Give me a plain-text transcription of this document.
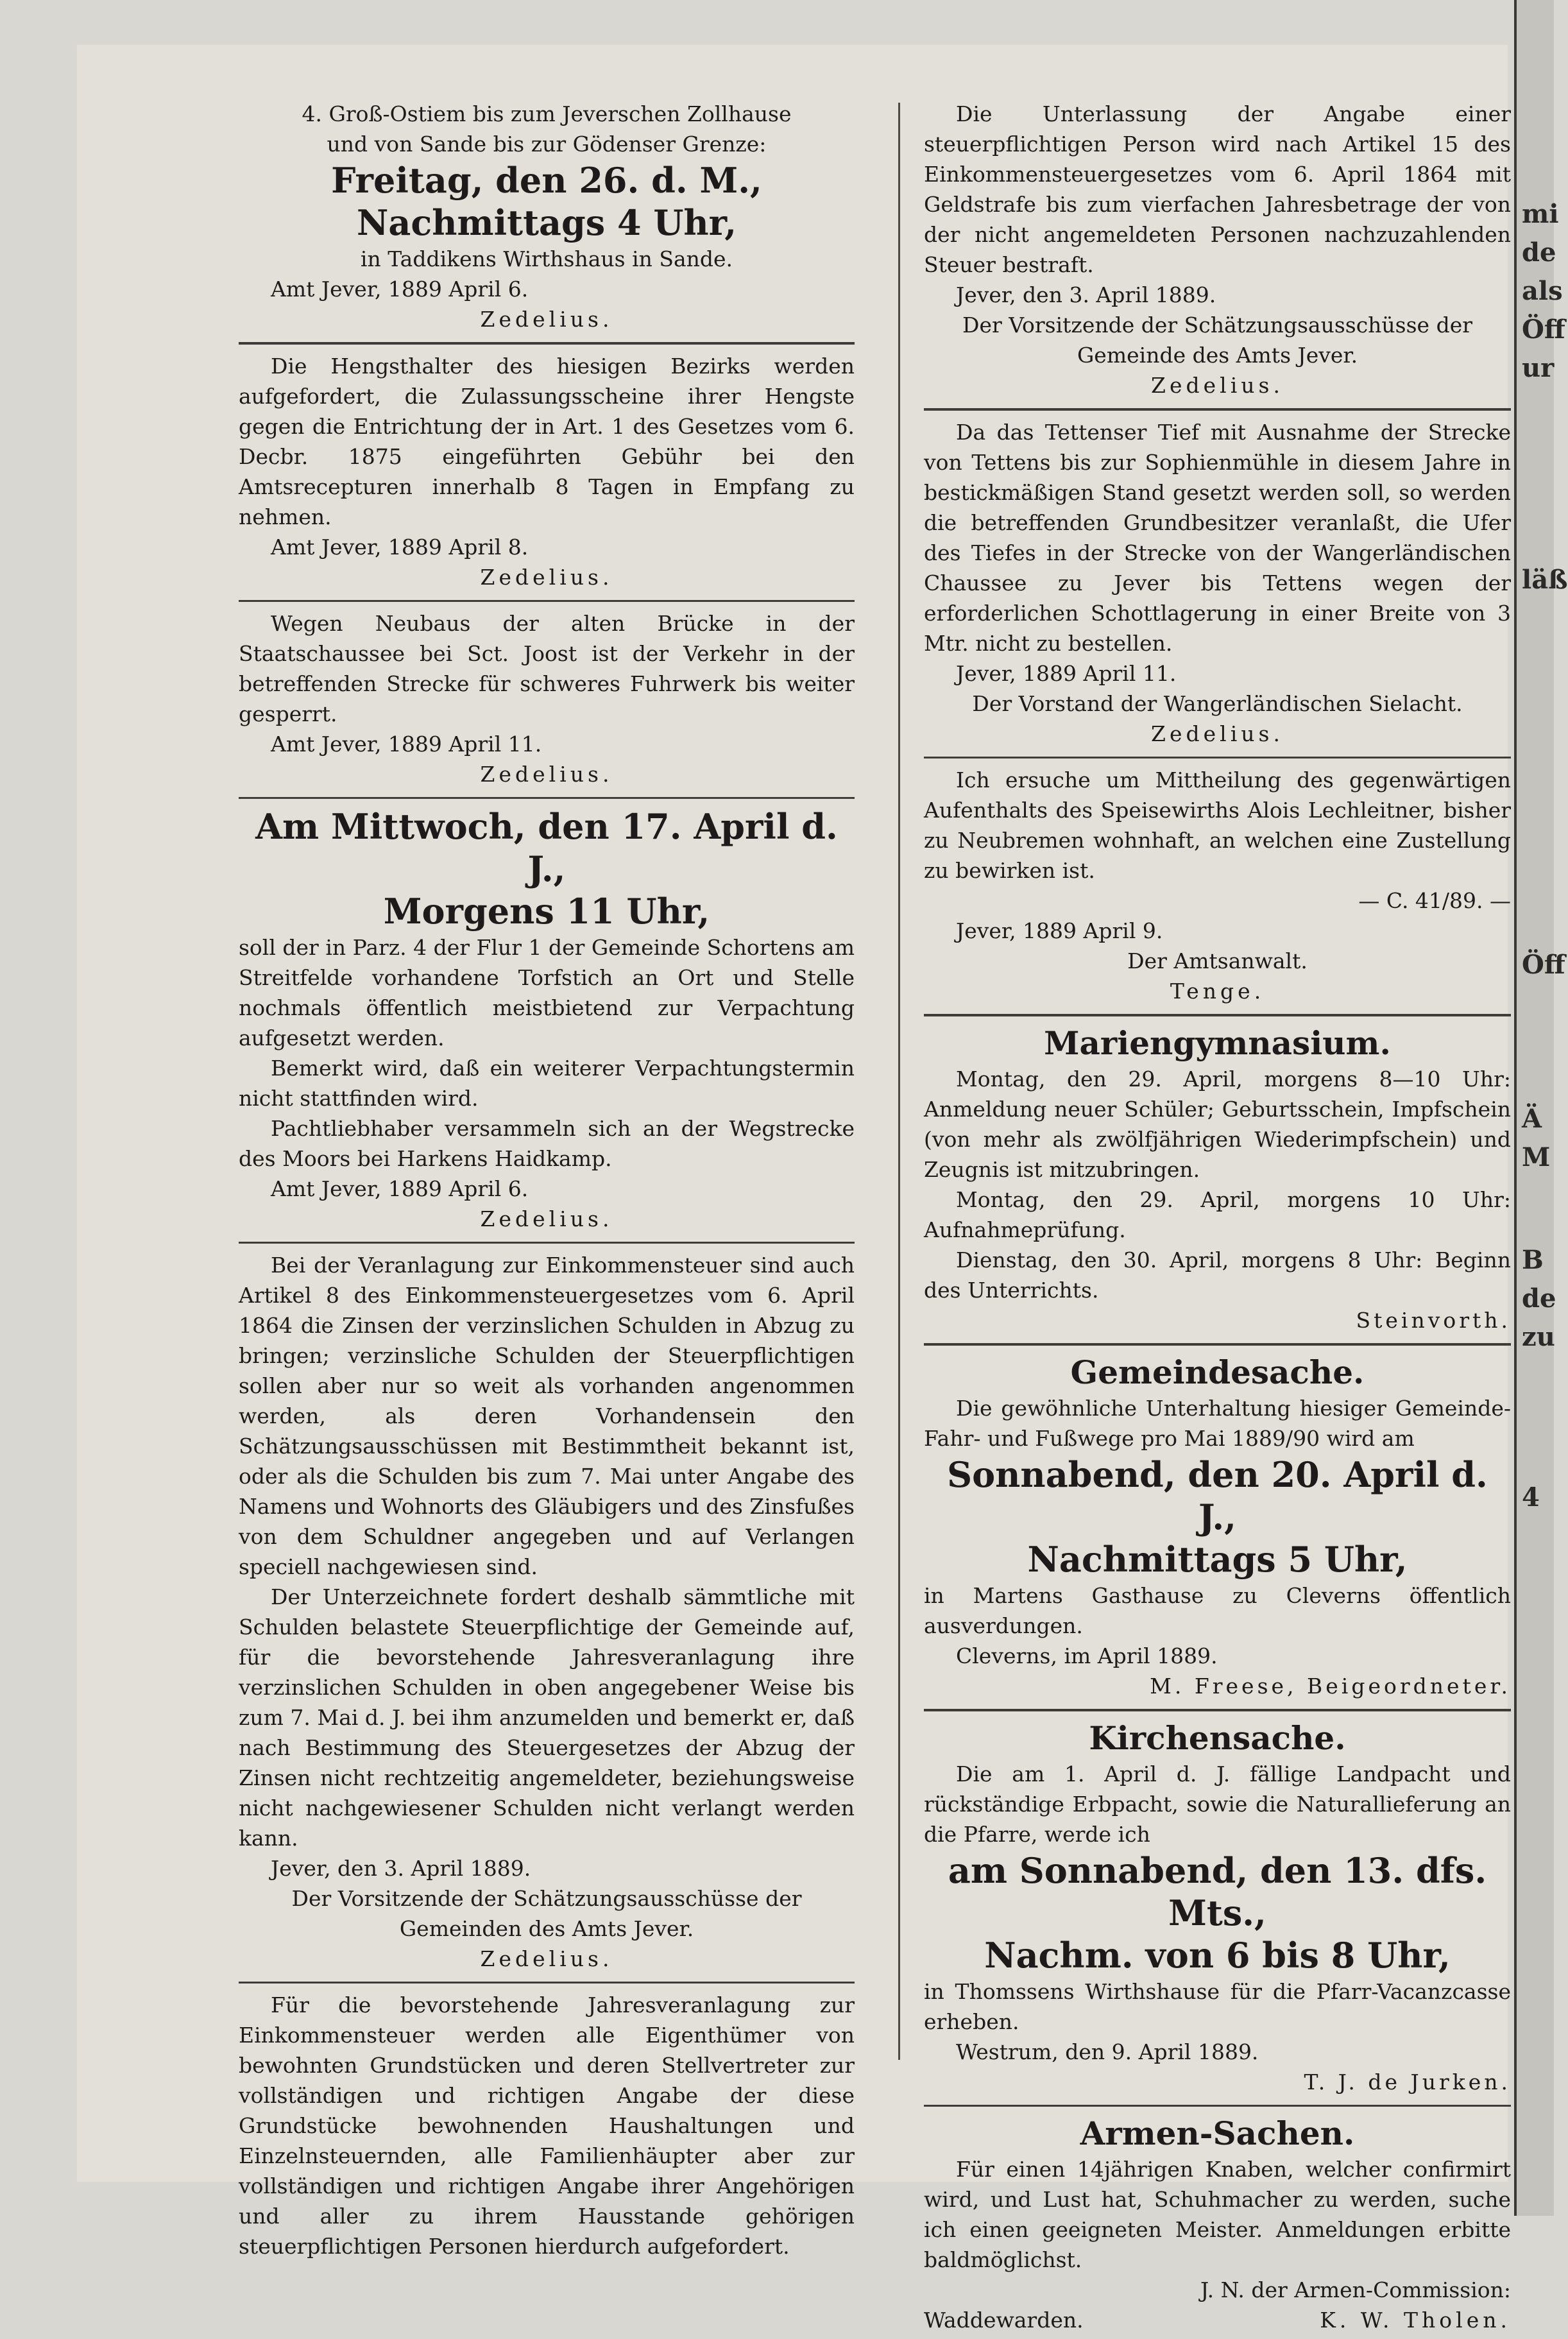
mi
de
als
Öff
ur
läß
Öff
Ä
M
B
de
zu
4

4. Groß-Ostiem bis zum Jeverschen Zollhause

und von Sande bis zur Gödenser Grenze:

Freitag, den 26. d. M.,
Nachmittags 4 Uhr,

in Taddikens Wirthshaus in Sande.

Amt Jever, 1889 April 6.

Zedelius.

Die Hengsthalter des hiesigen Bezirks werden aufgefordert, die Zulassungsscheine ihrer Hengste gegen die Entrichtung der in Art. 1 des Gesetzes vom 6. Decbr. 1875 eingeführten Gebühr bei den Amtsrecepturen innerhalb 8 Tagen in Empfang zu nehmen.

Amt Jever, 1889 April 8.

Zedelius.

Wegen Neubaus der alten Brücke in der Staatschaussee bei Sct. Joost ist der Verkehr in der betreffenden Strecke für schweres Fuhrwerk bis weiter gesperrt.

Amt Jever, 1889 April 11.

Zedelius.

Am Mittwoch, den 17. April d. J.,
Morgens 11 Uhr,

soll der in Parz. 4 der Flur 1 der Gemeinde Schortens am Streitfelde vorhandene Torfstich an Ort und Stelle nochmals öffentlich meistbietend zur Verpachtung aufgesetzt werden.

Bemerkt wird, daß ein weiterer Verpachtungstermin nicht stattfinden wird.

Pachtliebhaber versammeln sich an der Wegstrecke des Moors bei Harkens Haidkamp.

Amt Jever, 1889 April 6.

Zedelius.

Bei der Veranlagung zur Einkommensteuer sind auch Artikel 8 des Einkommensteuergesetzes vom 6. April 1864 die Zinsen der verzinslichen Schulden in Abzug zu bringen; verzinsliche Schulden der Steuerpflichtigen sollen aber nur so weit als vorhanden angenommen werden, als deren Vorhandensein den Schätzungsausschüssen mit Bestimmtheit bekannt ist, oder als die Schulden bis zum 7. Mai unter Angabe des Namens und Wohnorts des Gläubigers und des Zinsfußes von dem Schuldner angegeben und auf Verlangen speciell nachgewiesen sind.

Der Unterzeichnete fordert deshalb sämmtliche mit Schulden belastete Steuerpflichtige der Gemeinde auf, für die bevorstehende Jahresveranlagung ihre verzinslichen Schulden in oben angegebener Weise bis zum 7. Mai d. J. bei ihm anzumelden und bemerkt er, daß nach Bestimmung des Steuergesetzes der Abzug der Zinsen nicht rechtzeitig angemeldeter, beziehungsweise nicht nachgewiesener Schulden nicht verlangt werden kann.

Jever, den 3. April 1889.

Der Vorsitzende der Schätzungsausschüsse der

Gemeinden des Amts Jever.

Zedelius.

Für die bevorstehende Jahresveranlagung zur Einkommensteuer werden alle Eigenthümer von bewohnten Grundstücken und deren Stellvertreter zur vollständigen und richtigen Angabe der diese Grundstücke bewohnenden Haushaltungen und Einzelnsteuernden, alle Familienhäupter aber zur vollständigen und richtigen Angabe ihrer Angehörigen und aller zu ihrem Hausstande gehörigen steuerpflichtigen Personen hierdurch aufgefordert.

Die Unterlassung der Angabe einer steuerpflichtigen Person wird nach Artikel 15 des Einkommensteuergesetzes vom 6. April 1864 mit Geldstrafe bis zum vierfachen Jahresbetrage der von der nicht angemeldeten Personen nachzuzahlenden Steuer bestraft.

Jever, den 3. April 1889.

Der Vorsitzende der Schätzungsausschüsse der

Gemeinde des Amts Jever.

Zedelius.

Da das Tettenser Tief mit Ausnahme der Strecke von Tettens bis zur Sophienmühle in diesem Jahre in bestickmäßigen Stand gesetzt werden soll, so werden die betreffenden Grundbesitzer veranlaßt, die Ufer des Tiefes in der Strecke von der Wangerländischen Chaussee zu Jever bis Tettens wegen der erforderlichen Schottlagerung in einer Breite von 3 Mtr. nicht zu bestellen.

Jever, 1889 April 11.

Der Vorstand der Wangerländischen Sielacht.

Zedelius.

Ich ersuche um Mittheilung des gegenwärtigen Aufenthalts des Speisewirths Alois Lechleitner, bisher zu Neubremen wohnhaft, an welchen eine Zustellung zu bewirken ist.

— C. 41/89. —

Jever, 1889 April 9.

Der Amtsanwalt.

Tenge.

Mariengymnasium.

Montag, den 29. April, morgens 8—10 Uhr: Anmeldung neuer Schüler; Geburtsschein, Impfschein (von mehr als zwölfjährigen Wiederimpfschein) und Zeugnis ist mitzubringen.

Montag, den 29. April, morgens 10 Uhr: Aufnahmeprüfung.

Dienstag, den 30. April, morgens 8 Uhr: Beginn des Unterrichts.

Steinvorth.

Gemeindesache.

Die gewöhnliche Unterhaltung hiesiger Gemeinde-Fahr- und Fußwege pro Mai 1889/90 wird am

Sonnabend, den 20. April d. J.,
Nachmittags 5 Uhr,

in Martens Gasthause zu Cleverns öffentlich ausverdungen.

Cleverns, im April 1889.

M. Freese, Beigeordneter.

Kirchensache.

Die am 1. April d. J. fällige Landpacht und rückständige Erbpacht, sowie die Naturallieferung an die Pfarre, werde ich

am Sonnabend, den 13. dfs. Mts.,
Nachm. von 6 bis 8 Uhr,

in Thomssens Wirthshause für die Pfarr-Vacanzcasse erheben.

Westrum, den 9. April 1889.

T. J. de Jurken.

Armen-Sachen.

Für einen 14jährigen Knaben, welcher confirmirt wird, und Lust hat, Schuhmacher zu werden, suche ich einen geeigneten Meister. Anmeldungen erbitte baldmöglichst.

J. N. der Armen-Commission:

Waddewarden.	K. W. Tholen.
